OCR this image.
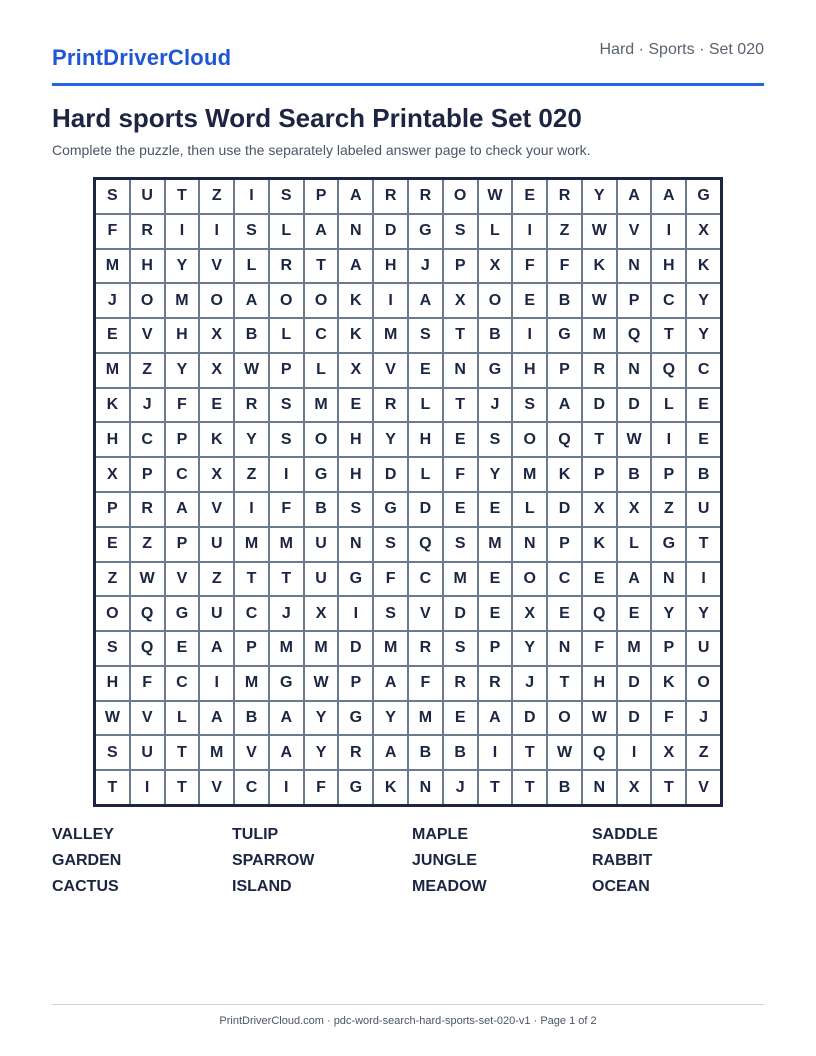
PrintDriverCloud	Hard · Sports · Set 020
Hard sports Word Search Printable Set 020
Complete the puzzle, then use the separately labeled answer page to check your work.
S	U	T	Z	I	S	P	A	R	R	O	W	E	R	Y	A	A	G
F	R	I	I	S	L	A	N	D	G	S	L	I	Z	W	V	I	X
M	H	Y	V	L	R	T	A	H	J	P	X	F	F	K	N	H	K
J	O	M	O	A	O	O	K	I	A	X	O	E	B	W	P	C	Y
E	V	H	X	B	L	C	K	M	S	T	B	I	G	M	Q	T	Y
M	Z	Y	X	W	P	L	X	V	E	N	G	H	P	R	N	Q	C
K	J	F	E	R	S	M	E	R	L	T	J	S	A	D	D	L	E
H	C	P	K	Y	S	O	H	Y	H	E	S	O	Q	T	W	I	E
X	P	C	X	Z	I	G	H	D	L	F	Y	M	K	P	B	P	B
P	R	A	V	I	F	B	S	G	D	E	E	L	D	X	X	Z	U
E	Z	P	U	M	M	U	N	S	Q	S	M	N	P	K	L	G	T
Z	W	V	Z	T	T	U	G	F	C	M	E	O	C	E	A	N	I
O	Q	G	U	C	J	X	I	S	V	D	E	X	E	Q	E	Y	Y
S	Q	E	A	P	M	M	D	M	R	S	P	Y	N	F	M	P	U
H	F	C	I	M	G	W	P	A	F	R	R	J	T	H	D	K	O
W	V	L	A	B	A	Y	G	Y	M	E	A	D	O	W	D	F	J
S	U	T	M	V	A	Y	R	A	B	B	I	T	W	Q	I	X	Z
T	I	T	V	C	I	F	G	K	N	J	T	T	B	N	X	T	V
VALLEY	TULIP	MAPLE	SADDLE
GARDEN	SPARROW	JUNGLE	RABBIT
CACTUS	ISLAND	MEADOW	OCEAN
PrintDriverCloud.com · pdc-word-search-hard-sports-set-020-v1 · Page 1 of 2
